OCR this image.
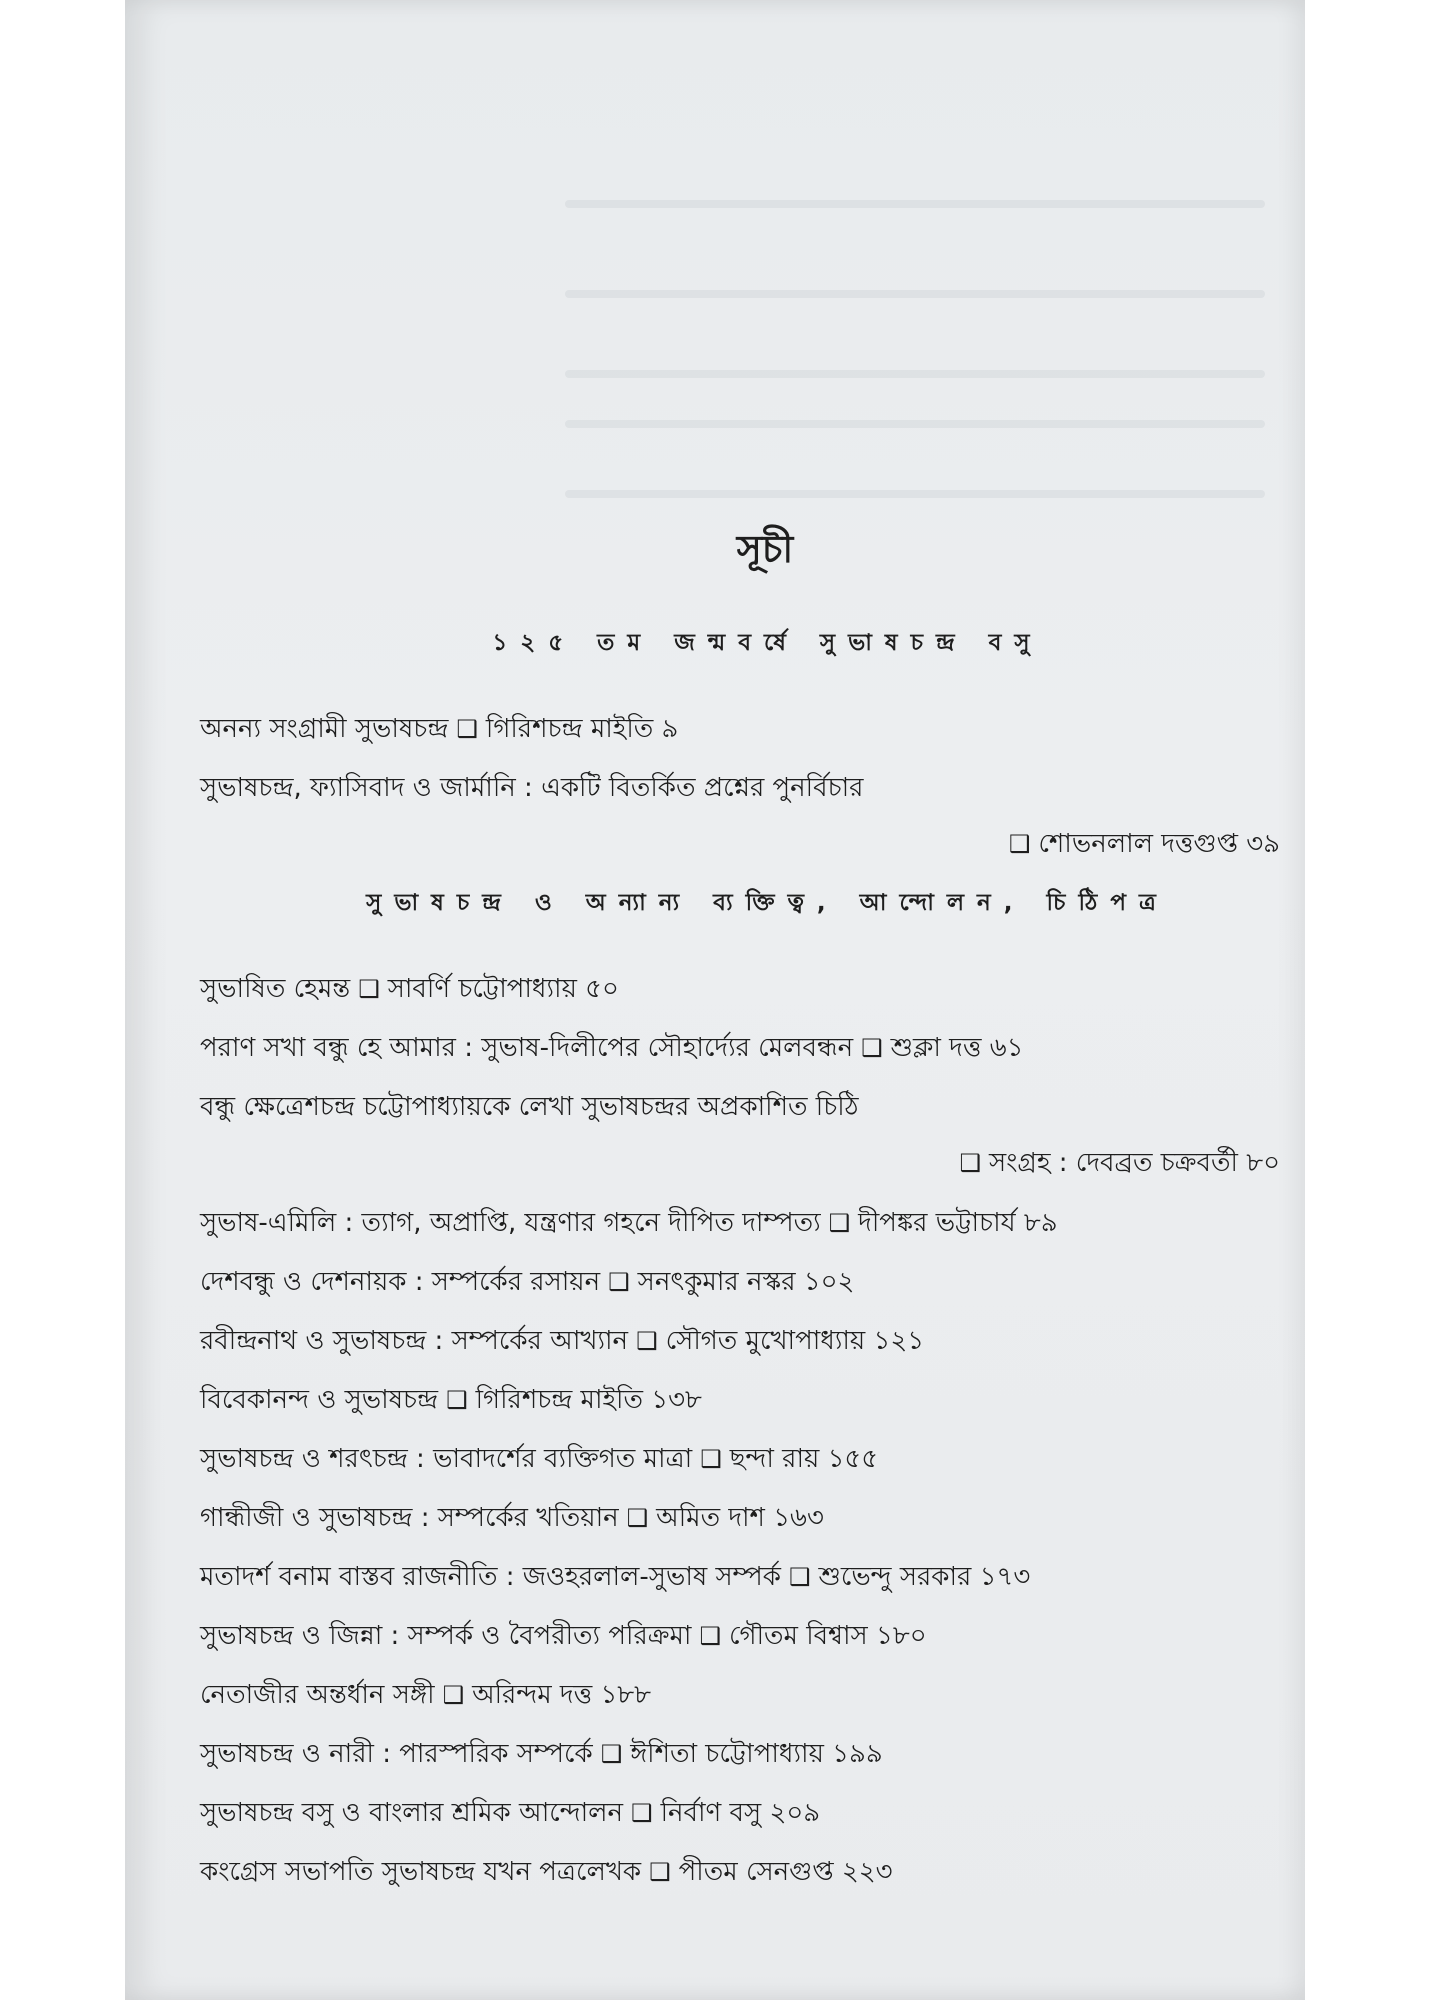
সূচী
১২৫ তম জন্মবর্ষে সুভাষচন্দ্র বসু
অনন্য সংগ্রামী সুভাষচন্দ্র ❑ গিরিশচন্দ্র মাইতি ৯
সুভাষচন্দ্র, ফ্যাসিবাদ ও জার্মানি : একটি বিতর্কিত প্রশ্নের পুনর্বিচার
❑ শোভনলাল দত্তগুপ্ত ৩৯
সুভাষচন্দ্র ও অন্যান্য ব্যক্তিত্ব, আন্দোলন, চিঠিপত্র
সুভাষিত হেমন্ত ❑ সাবর্ণি চট্টোপাধ্যায় ৫০
পরাণ সখা বন্ধু হে আমার : সুভাষ-দিলীপের সৌহার্দ্যের মেলবন্ধন ❑ শুক্লা দত্ত ৬১
বন্ধু ক্ষেত্রেশচন্দ্র চট্টোপাধ্যায়কে লেখা সুভাষচন্দ্রর অপ্রকাশিত চিঠি
❑ সংগ্রহ : দেবব্রত চক্রবর্তী ৮০
সুভাষ-এমিলি : ত্যাগ, অপ্রাপ্তি, যন্ত্রণার গহনে দীপিত দাম্পত্য ❑ দীপঙ্কর ভট্টাচার্য ৮৯
দেশবন্ধু ও দেশনায়ক : সম্পর্কের রসায়ন ❑ সনৎকুমার নস্কর ১০২
রবীন্দ্রনাথ ও সুভাষচন্দ্র : সম্পর্কের আখ্যান ❑ সৌগত মুখোপাধ্যায় ১২১
বিবেকানন্দ ও সুভাষচন্দ্র ❑ গিরিশচন্দ্র মাইতি ১৩৮
সুভাষচন্দ্র ও শরৎচন্দ্র : ভাবাদর্শের ব্যক্তিগত মাত্রা ❑ ছন্দা রায় ১৫৫
গান্ধীজী ও সুভাষচন্দ্র : সম্পর্কের খতিয়ান ❑ অমিত দাশ ১৬৩
মতাদর্শ বনাম বাস্তব রাজনীতি : জওহরলাল-সুভাষ সম্পর্ক ❑ শুভেন্দু সরকার ১৭৩
সুভাষচন্দ্র ও জিন্না : সম্পর্ক ও বৈপরীত্য পরিক্রমা ❑ গৌতম বিশ্বাস ১৮০
নেতাজীর অন্তর্ধান সঙ্গী ❑ অরিন্দম দত্ত ১৮৮
সুভাষচন্দ্র ও নারী : পারস্পরিক সম্পর্কে ❑ ঈশিতা চট্টোপাধ্যায় ১৯৯
সুভাষচন্দ্র বসু ও বাংলার শ্রমিক আন্দোলন ❑ নির্বাণ বসু ২০৯
কংগ্রেস সভাপতি সুভাষচন্দ্র যখন পত্রলেখক ❑ পীতম সেনগুপ্ত ২২৩
